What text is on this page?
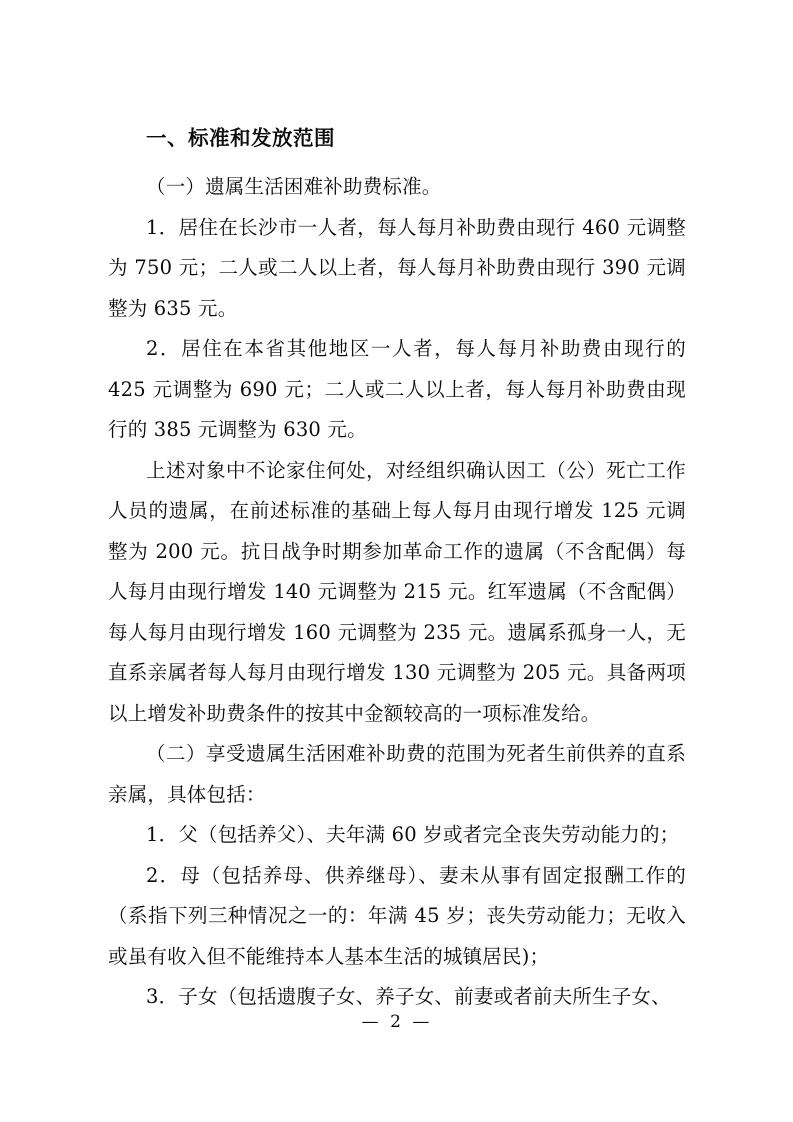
一、标准和发放范围

（一）遗属生活困难补助费标准。

1．居住在长沙市一人者，每人每月补助费由现行 460 元调整为 750 元；二人或二人以上者，每人每月补助费由现行 390 元调整为 635 元。

2．居住在本省其他地区一人者，每人每月补助费由现行的 425 元调整为 690 元；二人或二人以上者，每人每月补助费由现行的 385 元调整为 630 元。

上述对象中不论家住何处，对经组织确认因工（公）死亡工作人员的遗属，在前述标准的基础上每人每月由现行增发 125 元调整为 200 元。抗日战争时期参加革命工作的遗属（不含配偶）每人每月由现行增发 140 元调整为 215 元。红军遗属（不含配偶）每人每月由现行增发 160 元调整为 235 元。遗属系孤身一人，无直系亲属者每人每月由现行增发 130 元调整为 205 元。具备两项以上增发补助费条件的按其中金额较高的一项标准发给。

（二）享受遗属生活困难补助费的范围为死者生前供养的直系亲属，具体包括：

1．父（包括养父）、夫年满 60 岁或者完全丧失劳动能力的；

2．母（包括养母、供养继母）、妻未从事有固定报酬工作的（系指下列三种情况之一的：年满 45 岁；丧失劳动能力；无收入或虽有收入但不能维持本人基本生活的城镇居民)；

3．子女（包括遗腹子女、养子女、前妻或者前夫所生子女、

— 2 —
